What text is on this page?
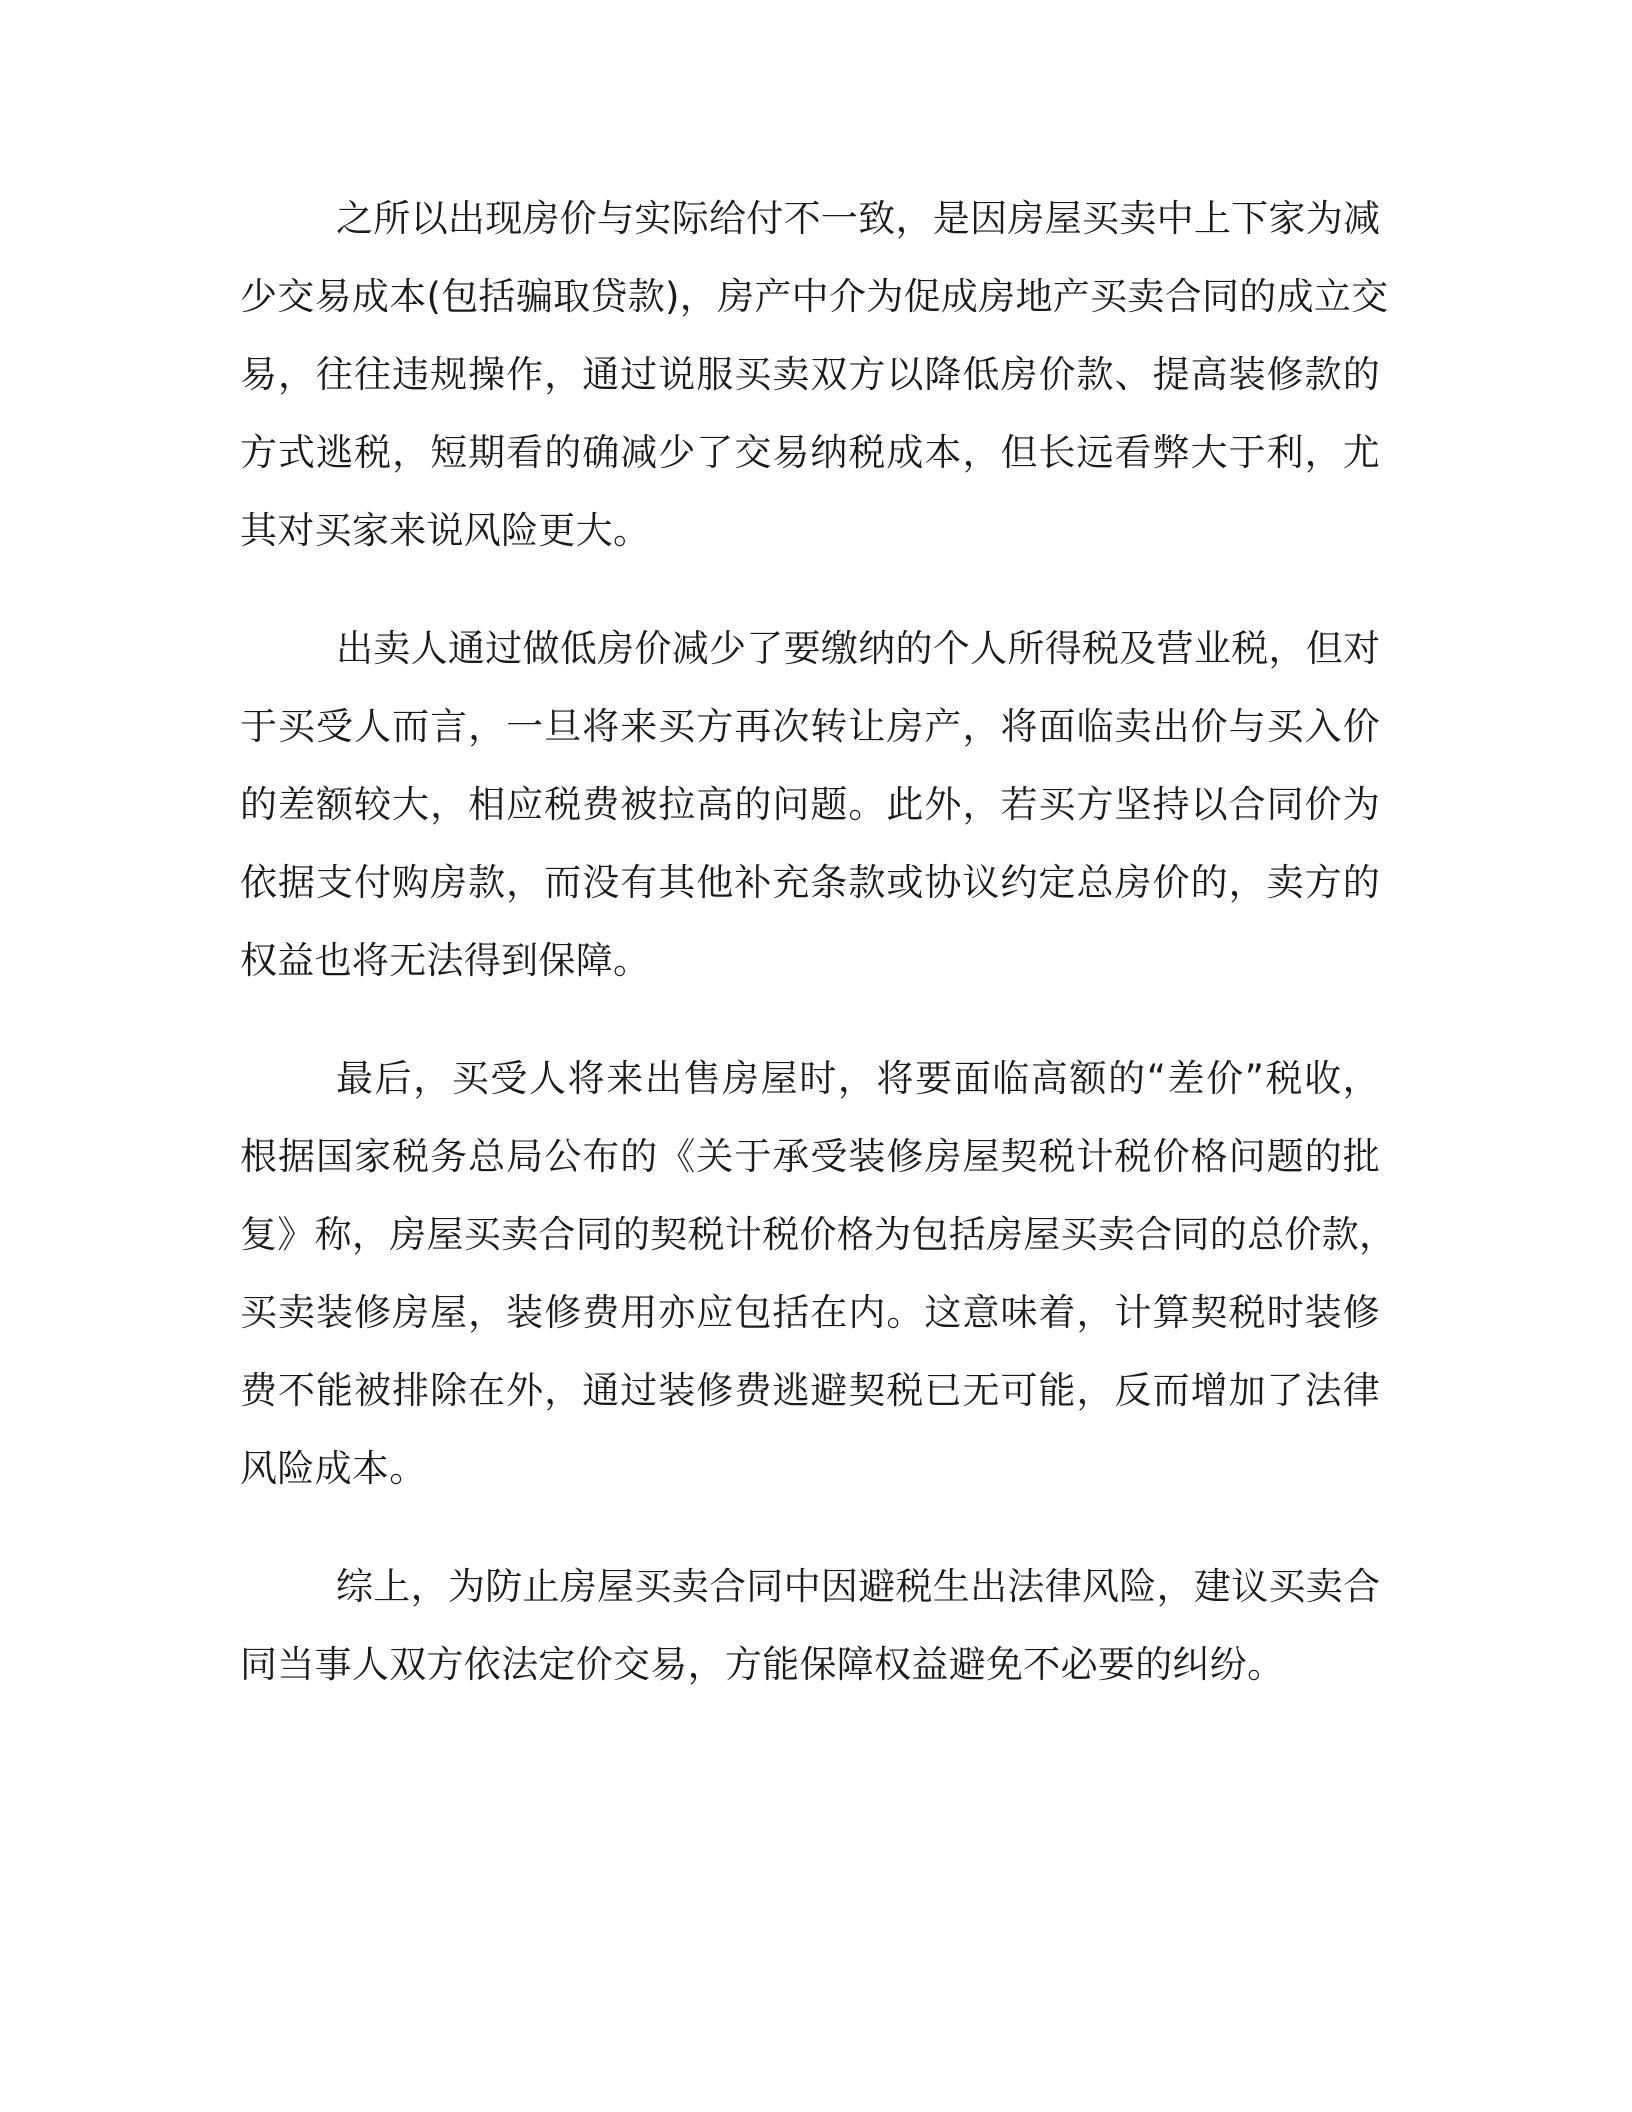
之所以出现房价与实际给付不一致，是因房屋买卖中上下家为减
少交易成本(包括骗取贷款)，房产中介为促成房地产买卖合同的成立交
易，往往违规操作，通过说服买卖双方以降低房价款、提高装修款的
方式逃税，短期看的确减少了交易纳税成本，但长远看弊大于利，尤
其对买家来说风险更大。

出卖人通过做低房价减少了要缴纳的个人所得税及营业税，但对
于买受人而言，一旦将来买方再次转让房产，将面临卖出价与买入价
的差额较大，相应税费被拉高的问题。此外，若买方坚持以合同价为
依据支付购房款，而没有其他补充条款或协议约定总房价的，卖方的
权益也将无法得到保障。

最后，买受人将来出售房屋时，将要面临高额的“差价”税收，
根据国家税务总局公布的《关于承受装修房屋契税计税价格问题的批
复》称，房屋买卖合同的契税计税价格为包括房屋买卖合同的总价款，
买卖装修房屋，装修费用亦应包括在内。这意味着，计算契税时装修
费不能被排除在外，通过装修费逃避契税已无可能，反而增加了法律
风险成本。

综上，为防止房屋买卖合同中因避税生出法律风险，建议买卖合
同当事人双方依法定价交易，方能保障权益避免不必要的纠纷。
